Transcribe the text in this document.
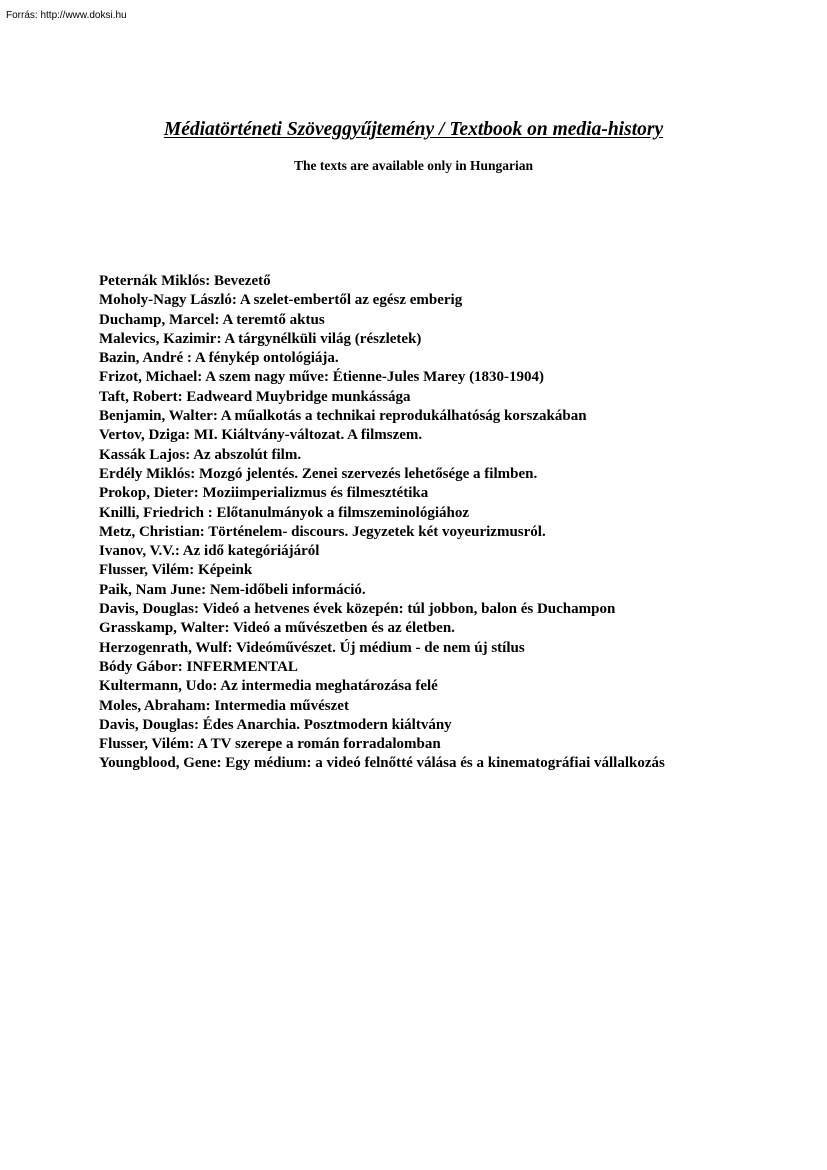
Forrás: http://www.doksi.hu
Médiatörténeti Szöveggyűjtemény / Textbook on media-history
The texts are available only in Hungarian
Peternák Miklós: Bevezető
Moholy-Nagy László: A szelet-embertől az egész emberig
Duchamp, Marcel: A teremtő aktus
Malevics, Kazimir: A tárgynélküli világ (részletek)
Bazin, André : A fénykép ontológiája.
Frizot, Michael: A szem nagy műve: Étienne-Jules Marey (1830-1904)
Taft, Robert: Eadweard Muybridge munkássága
Benjamin, Walter: A műalkotás a technikai reprodukálhatóság korszakában
Vertov, Dziga: MI. Kiáltvány-változat. A filmszem.
Kassák Lajos: Az abszolút film.
Erdély Miklós: Mozgó jelentés. Zenei szervezés lehetősége a filmben.
Prokop, Dieter: Moziimperializmus és filmesztétika
Knilli, Friedrich : Előtanulmányok a filmszeminológiához
Metz, Christian: Történelem- discours. Jegyzetek két voyeurizmusról.
Ivanov, V.V.: Az idő kategóriájáról
Flusser, Vilém: Képeink
Paik, Nam June: Nem-időbeli információ.
Davis, Douglas: Videó a hetvenes évek közepén: túl jobbon, balon és Duchampon
Grasskamp, Walter: Videó a művészetben és az életben.
Herzogenrath, Wulf: Videóművészet. Új médium - de nem új stílus
Bódy Gábor: INFERMENTAL
Kultermann, Udo: Az intermedia meghatározása felé
Moles, Abraham: Intermedia művészet
Davis, Douglas: Édes Anarchia. Posztmodern kiáltvány
Flusser, Vilém: A TV szerepe a román forradalomban
Youngblood, Gene: Egy médium: a videó felnőtté válása és a kinematográfiai vállalkozás
